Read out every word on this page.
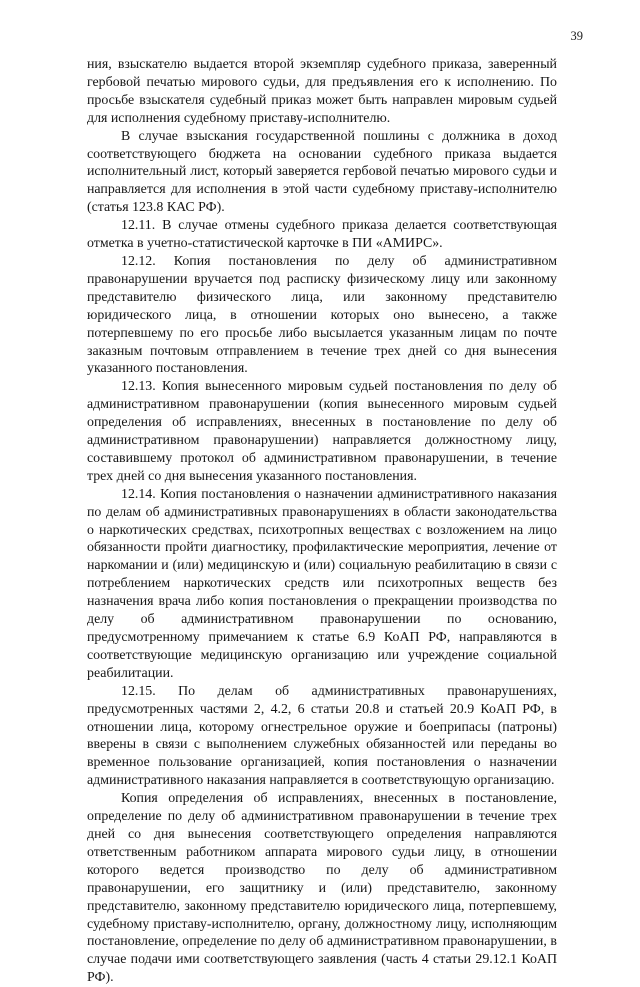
39

ния, взыскателю выдается второй экземпляр судебного приказа, заверенный гербовой печатью мирового судьи, для предъявления его к исполнению. По просьбе взыскателя судебный приказ может быть направлен мировым судьей для исполнения судебному приставу-исполнителю.

В случае взыскания государственной пошлины с должника в доход соответствующего бюджета на основании судебного приказа выдается исполнительный лист, который заверяется гербовой печатью мирового судьи и направляется для исполнения в этой части судебному приставу-исполнителю (статья 123.8 КАС РФ).

12.11. В случае отмены судебного приказа делается соответствующая отметка в учетно-статистической карточке в ПИ «АМИРС».

12.12. Копия постановления по делу об административном правонарушении вручается под расписку физическому лицу или законному представителю физического лица, или законному представителю юридического лица, в отношении которых оно вынесено, а также потерпевшему по его просьбе либо высылается указанным лицам по почте заказным почтовым отправлением в течение трех дней со дня вынесения указанного постановления.

12.13. Копия вынесенного мировым судьей постановления по делу об административном правонарушении (копия вынесенного мировым судьей определения об исправлениях, внесенных в постановление по делу об административном правонарушении) направляется должностному лицу, составившему протокол об административном правонарушении, в течение трех дней со дня вынесения указанного постановления.

12.14. Копия постановления о назначении административного наказания по делам об административных правонарушениях в области законодательства о наркотических средствах, психотропных веществах с возложением на лицо обязанности пройти диагностику, профилактические мероприятия, лечение от наркомании и (или) медицинскую и (или) социальную реабилитацию в связи с потреблением наркотических средств или психотропных веществ без назначения врача либо копия постановления о прекращении производства по делу об административном правонарушении по основанию, предусмотренному примечанием к статье 6.9 КоАП РФ, направляются в соответствующие медицинскую организацию или учреждение социальной реабилитации.

12.15. По делам об административных правонарушениях, предусмотренных частями 2, 4.2, 6 статьи 20.8 и статьей 20.9 КоАП РФ, в отношении лица, которому огнестрельное оружие и боеприпасы (патроны) вверены в связи с выполнением служебных обязанностей или переданы во временное пользование организацией, копия постановления о назначении административного наказания направляется в соответствующую организацию.

Копия определения об исправлениях, внесенных в постановление, определение по делу об административном правонарушении в течение трех дней со дня вынесения соответствующего определения направляются ответственным работником аппарата мирового судьи лицу, в отношении которого ведется производство по делу об административном правонарушении, его защитнику и (или) представителю, законному представителю, законному представителю юридического лица, потерпевшему, судебному приставу-исполнителю, органу, должностному лицу, исполняющим постановление, определение по делу об административном правонарушении, в случае подачи ими соответствующего заявления (часть 4 статьи 29.12.1 КоАП РФ).
